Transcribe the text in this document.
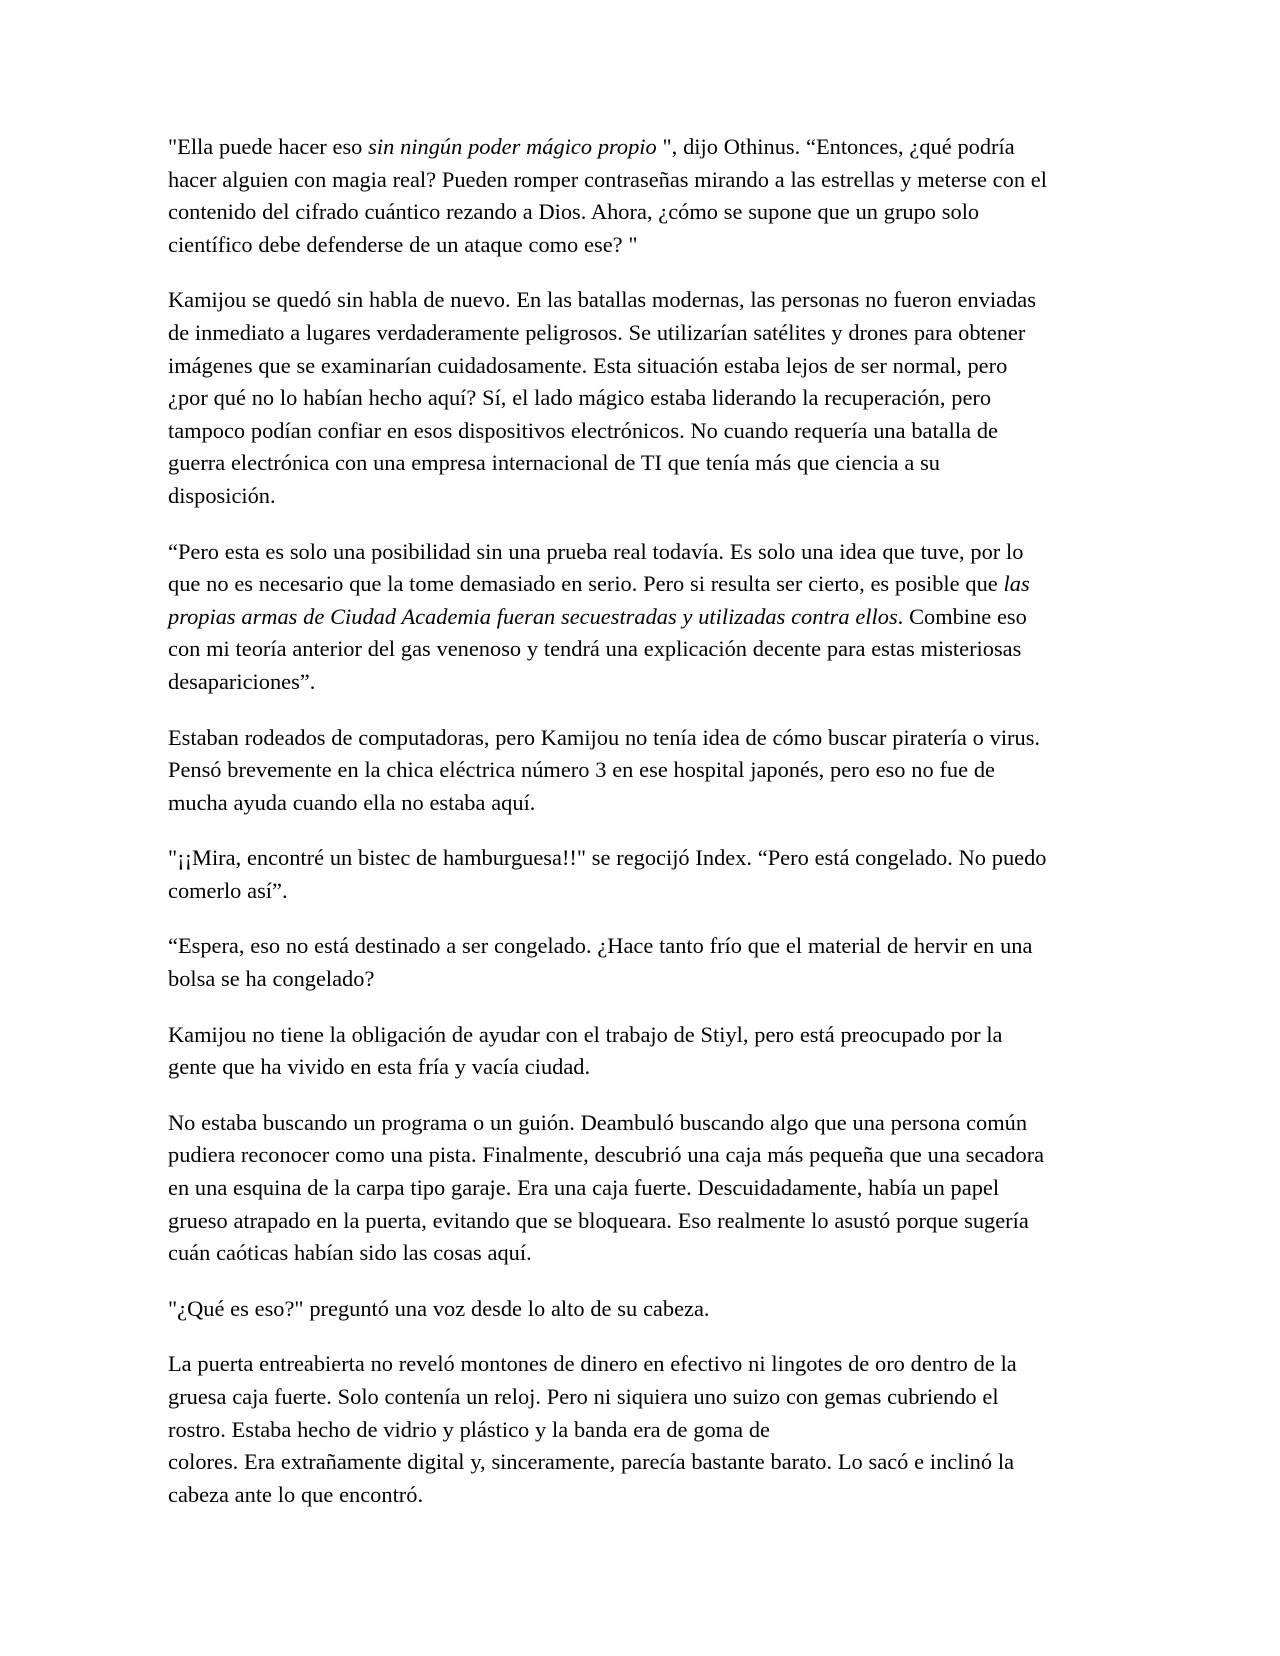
"Ella puede hacer eso sin ningún poder mágico propio ", dijo Othinus. “Entonces, ¿qué podría hacer alguien con magia real? Pueden romper contraseñas mirando a las estrellas y meterse con el contenido del cifrado cuántico rezando a Dios. Ahora, ¿cómo se supone que un grupo solo científico debe defenderse de un ataque como ese? "

Kamijou se quedó sin habla de nuevo. En las batallas modernas, las personas no fueron enviadas de inmediato a lugares verdaderamente peligrosos. Se utilizarían satélites y drones para obtener imágenes que se examinarían cuidadosamente. Esta situación estaba lejos de ser normal, pero ¿por qué no lo habían hecho aquí? Sí, el lado mágico estaba liderando la recuperación, pero tampoco podían confiar en esos dispositivos electrónicos. No cuando requería una batalla de guerra electrónica con una empresa internacional de TI que tenía más que ciencia a su disposición.

“Pero esta es solo una posibilidad sin una prueba real todavía. Es solo una idea que tuve, por lo que no es necesario que la tome demasiado en serio. Pero si resulta ser cierto, es posible que las propias armas de Ciudad Academia fueran secuestradas y utilizadas contra ellos. Combine eso con mi teoría anterior del gas venenoso y tendrá una explicación decente para estas misteriosas desapariciones”.

Estaban rodeados de computadoras, pero Kamijou no tenía idea de cómo buscar piratería o virus. Pensó brevemente en la chica eléctrica número 3 en ese hospital japonés, pero eso no fue de mucha ayuda cuando ella no estaba aquí.

"¡¡Mira, encontré un bistec de hamburguesa!!" se regocijó Index. “Pero está congelado. No puedo comerlo así”.

“Espera, eso no está destinado a ser congelado. ¿Hace tanto frío que el material de hervir en una bolsa se ha congelado?

Kamijou no tiene la obligación de ayudar con el trabajo de Stiyl, pero está preocupado por la gente que ha vivido en esta fría y vacía ciudad.

No estaba buscando un programa o un guión. Deambuló buscando algo que una persona común pudiera reconocer como una pista. Finalmente, descubrió una caja más pequeña que una secadora en una esquina de la carpa tipo garaje. Era una caja fuerte. Descuidadamente, había un papel grueso atrapado en la puerta, evitando que se bloqueara. Eso realmente lo asustó porque sugería cuán caóticas habían sido las cosas aquí.

"¿Qué es eso?" preguntó una voz desde lo alto de su cabeza.

La puerta entreabierta no reveló montones de dinero en efectivo ni lingotes de oro dentro de la gruesa caja fuerte. Solo contenía un reloj. Pero ni siquiera uno suizo con gemas cubriendo el rostro. Estaba hecho de vidrio y plástico y la banda era de goma de
colores. Era extrañamente digital y, sinceramente, parecía bastante barato. Lo sacó e inclinó la cabeza ante lo que encontró.
